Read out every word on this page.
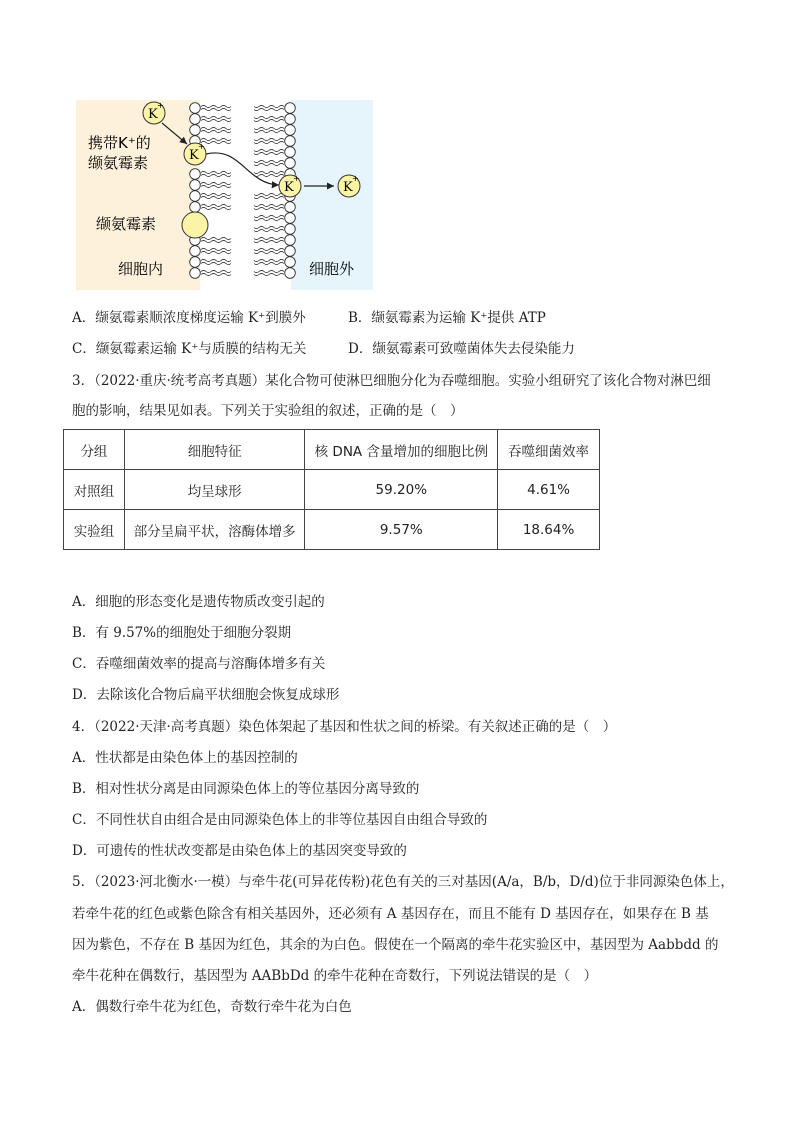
K
+
K
+
K
+
K
+
携带K⁺的
缬氨霉素
缬氨霉素
细胞内	细胞外
A．缬氨霉素顺浓度梯度运输 K⁺到膜外	B．缬氨霉素为运输 K⁺提供 ATP
C．缬氨霉素运输 K⁺与质膜的结构无关	D．缬氨霉素可致噬菌体失去侵染能力
3．（2022·重庆·统考高考真题）某化合物可使淋巴细胞分化为吞噬细胞。实验小组研究了该化合物对淋巴细
胞的影响，结果见如表。下列关于实验组的叙述，正确的是（　）
分组	细胞特征	核 DNA 含量增加的细胞比例	吞噬细菌效率
对照组	均呈球形	59.20%	4.61%
实验组	部分呈扁平状，溶酶体增多	9.57%	18.64%
A．细胞的形态变化是遗传物质改变引起的
B．有 9.57%的细胞处于细胞分裂期
C．吞噬细菌效率的提高与溶酶体增多有关
D．去除该化合物后扁平状细胞会恢复成球形
4．（2022·天津·高考真题）染色体架起了基因和性状之间的桥梁。有关叙述正确的是（　）
A．性状都是由染色体上的基因控制的
B．相对性状分离是由同源染色体上的等位基因分离导致的
C．不同性状自由组合是由同源染色体上的非等位基因自由组合导致的
D．可遗传的性状改变都是由染色体上的基因突变导致的
5．（2023·河北衡水·一模）与牵牛花(可异花传粉)花色有关的三对基因(A/a，B/b，D/d)位于非同源染色体上，
若牵牛花的红色或紫色除含有相关基因外，还必须有 A 基因存在，而且不能有 D 基因存在，如果存在 B 基
因为紫色，不存在 B 基因为红色，其余的为白色。假使在一个隔离的牵牛花实验区中，基因型为 Aabbdd 的
牵牛花种在偶数行，基因型为 AABbDd 的牵牛花种在奇数行，下列说法错误的是（　）
A．偶数行牵牛花为红色，奇数行牵牛花为白色
